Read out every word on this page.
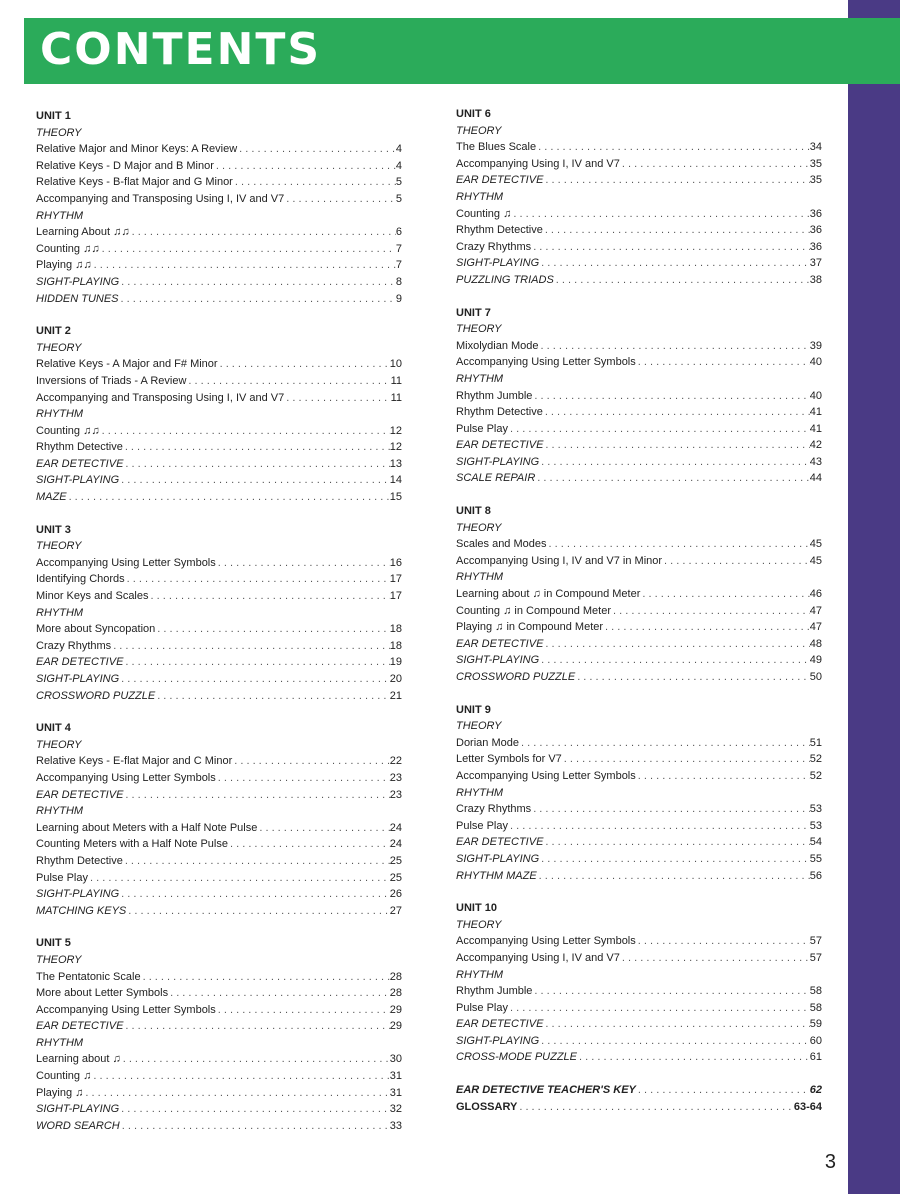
CONTENTS
UNIT 1
THEORY
Relative Major and Minor Keys: A Review . . .	4
Relative Keys - D Major and B Minor . . .	4
Relative Keys - B-flat Major and G Minor . . .	5
Accompanying and Transposing Using I, IV and V7 . . .	5
RHYTHM
Learning About ♫♫ . . .	6
Counting ♫♫ . . .	7
Playing ♫♫ . . .	7
SIGHT-PLAYING . . .	8
HIDDEN TUNES . . .	9
UNIT 2
THEORY
Relative Keys - A Major and F# Minor . . .	10
Inversions of Triads - A Review . . .	11
Accompanying and Transposing Using I, IV and V7 . . .	11
RHYTHM
Counting ♫♫ . . .	12
Rhythm Detective . . .	12
EAR DETECTIVE . . .	13
SIGHT-PLAYING . . .	14
MAZE . . .	15
UNIT 3
THEORY
Accompanying Using Letter Symbols . . .	16
Identifying Chords . . .	17
Minor Keys and Scales . . .	17
RHYTHM
More about Syncopation . . .	18
Crazy Rhythms . . .	18
EAR DETECTIVE . . .	19
SIGHT-PLAYING . . .	20
CROSSWORD PUZZLE . . .	21
UNIT 4
THEORY
Relative Keys - E-flat Major and C Minor . . .	22
Accompanying Using Letter Symbols . . .	23
EAR DETECTIVE . . .	23
RHYTHM
Learning about Meters with a Half Note Pulse . . .	24
Counting Meters with a Half Note Pulse . . .	24
Rhythm Detective . . .	25
Pulse Play . . .	25
SIGHT-PLAYING . . .	26
MATCHING KEYS . . .	27
UNIT 5
THEORY
The Pentatonic Scale . . .	28
More about Letter Symbols . . .	28
Accompanying Using Letter Symbols . . .	29
EAR DETECTIVE . . .	29
RHYTHM
Learning about ♫ . . .	30
Counting ♫ . . .	31
Playing ♫ . . .	31
SIGHT-PLAYING . . .	32
WORD SEARCH . . .	33
UNIT 6
THEORY
The Blues Scale . . .	34
Accompanying Using I, IV and V7 . . .	35
EAR DETECTIVE . . .	35
RHYTHM
Counting ♫ . . .	36
Rhythm Detective . . .	36
Crazy Rhythms . . .	36
SIGHT-PLAYING . . .	37
PUZZLING TRIADS . . .	38
UNIT 7
THEORY
Mixolydian Mode . . .	39
Accompanying Using Letter Symbols . . .	40
RHYTHM
Rhythm Jumble . . .	40
Rhythm Detective . . .	41
Pulse Play . . .	41
EAR DETECTIVE . . .	42
SIGHT-PLAYING . . .	43
SCALE REPAIR . . .	44
UNIT 8
THEORY
Scales and Modes . . .	45
Accompanying Using I, IV and V7 in Minor . . .	45
RHYTHM
Learning about ♫ in Compound Meter . . .	46
Counting ♫ in Compound Meter . . .	47
Playing ♫ in Compound Meter . . .	47
EAR DETECTIVE . . .	48
SIGHT-PLAYING . . .	49
CROSSWORD PUZZLE . . .	50
UNIT 9
THEORY
Dorian Mode . . .	51
Letter Symbols for V7 . . .	52
Accompanying Using Letter Symbols . . .	52
RHYTHM
Crazy Rhythms . . .	53
Pulse Play . . .	53
EAR DETECTIVE . . .	54
SIGHT-PLAYING . . .	55
RHYTHM MAZE . . .	56
UNIT 10
THEORY
Accompanying Using Letter Symbols . . .	57
Accompanying Using I, IV and V7 . . .	57
RHYTHM
Rhythm Jumble . . .	58
Pulse Play . . .	58
EAR DETECTIVE . . .	59
SIGHT-PLAYING . . .	60
CROSS-MODE PUZZLE . . .	61
EAR DETECTIVE TEACHER'S KEY . . .	62
GLOSSARY . . .	63-64
3
